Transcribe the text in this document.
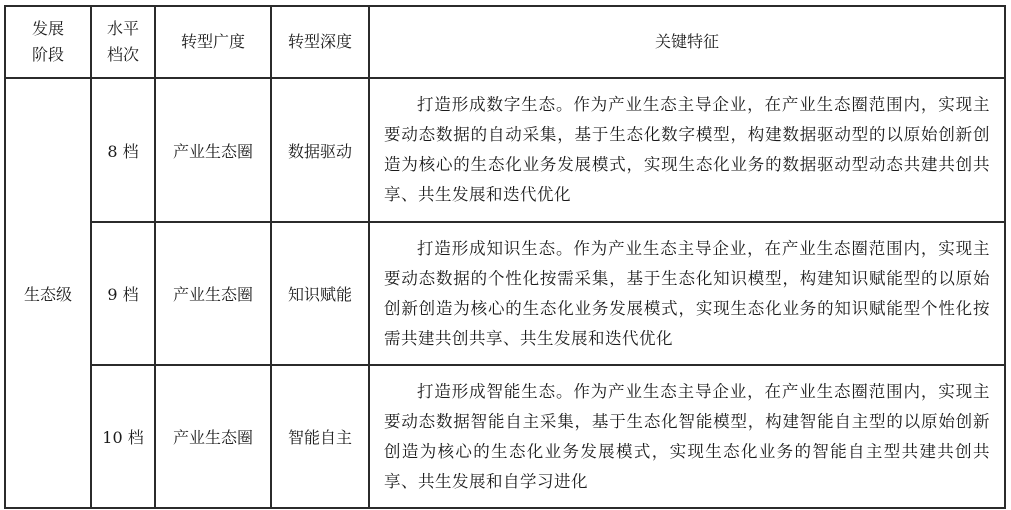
发展阶段	水平档次	转型广度	转型深度	关键特征
生态级	8 档	产业生态圈	数据驱动	打造形成数字生态。作为产业生态主导企业，在产业生态圈范围内，实现主要动态数据的自动采集，基于生态化数字模型，构建数据驱动型的以原始创新创造为核心的生态化业务发展模式，实现生态化业务的数据驱动型动态共建共创共享、共生发展和迭代优化
	9 档	产业生态圈	知识赋能	打造形成知识生态。作为产业生态主导企业，在产业生态圈范围内，实现主要动态数据的个性化按需采集，基于生态化知识模型，构建知识赋能型的以原始创新创造为核心的生态化业务发展模式，实现生态化业务的知识赋能型个性化按需共建共创共享、共生发展和迭代优化
	10 档	产业生态圈	智能自主	打造形成智能生态。作为产业生态主导企业，在产业生态圈范围内，实现主要动态数据智能自主采集，基于生态化智能模型，构建智能自主型的以原始创新创造为核心的生态化业务发展模式，实现生态化业务的智能自主型共建共创共享、共生发展和自学习进化
